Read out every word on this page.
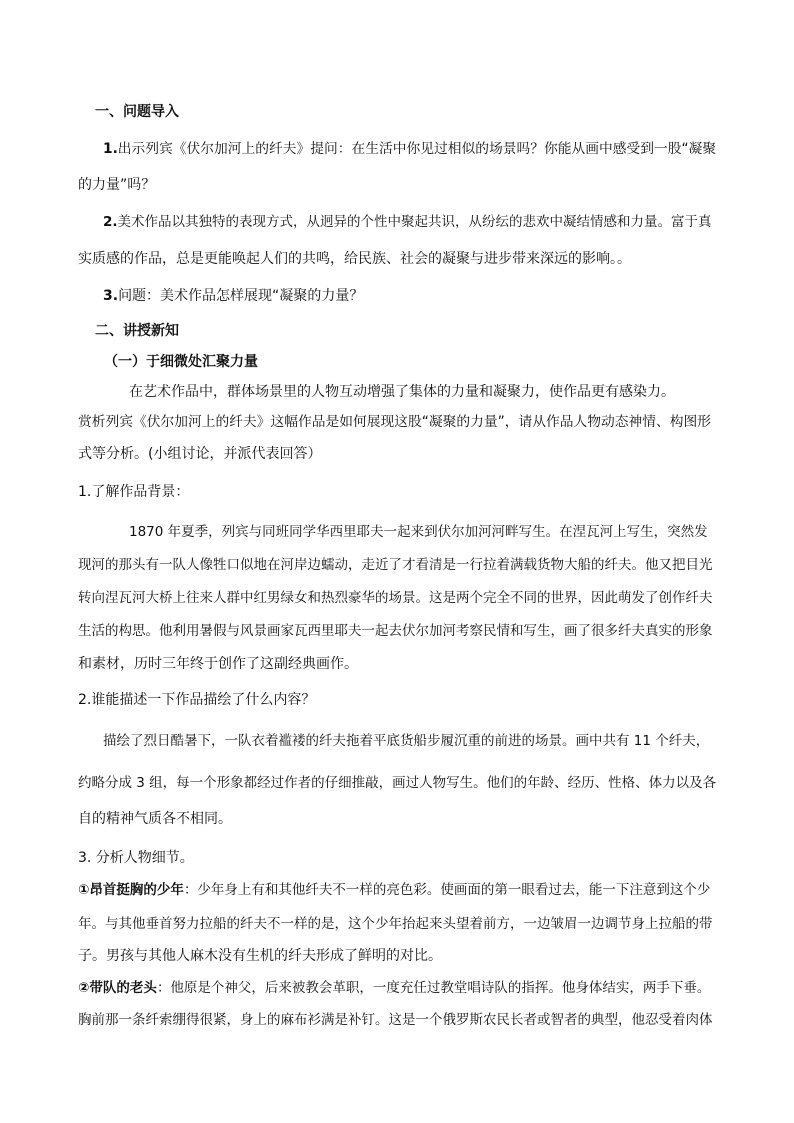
一、问题导入
1.出示列宾《伏尔加河上的纤夫》提问：在生活中你见过相似的场景吗？你能从画中感受到一股“凝聚
的力量”吗？
2.美术作品以其独特的表现方式，从迥异的个性中聚起共识，从纷纭的悲欢中凝结情感和力量。富于真
实质感的作品，总是更能唤起人们的共鸣，给民族、社会的凝聚与进步带来深远的影响。。
3.问题：美术作品怎样展现“凝聚的力量？
二、讲授新知
（一）于细微处汇聚力量
在艺术作品中，群体场景里的人物互动增强了集体的力量和凝聚力，使作品更有感染力。
赏析列宾《伏尔加河上的纤夫》这幅作品是如何展现这股“凝聚的力量”，请从作品人物动态神情、构图形
式等分析。(小组讨论，并派代表回答）
1.了解作品背景：
1870 年夏季，列宾与同班同学华西里耶夫一起来到伏尔加河河畔写生。在涅瓦河上写生，突然发
现河的那头有一队人像牲口似地在河岸边蠕动，走近了才看清是一行拉着满载货物大船的纤夫。他又把目光
转向涅瓦河大桥上往来人群中红男绿女和热烈豪华的场景。这是两个完全不同的世界，因此萌发了创作纤夫
生活的构思。他利用暑假与风景画家瓦西里耶夫一起去伏尔加河考察民情和写生，画了很多纤夫真实的形象
和素材，历时三年终于创作了这副经典画作。
2.谁能描述一下作品描绘了什么内容？
描绘了烈日酷暑下，一队衣着褴褛的纤夫拖着平底货船步履沉重的前进的场景。画中共有 11 个纤夫，
约略分成 3 组，每一个形象都经过作者的仔细推敲，画过人物写生。他们的年龄、经历、性格、体力以及各
自的精神气质各不相同。
3. 分析人物细节。
①昂首挺胸的少年：少年身上有和其他纤夫不一样的亮色彩。使画面的第一眼看过去，能一下注意到这个少
年。与其他垂首努力拉船的纤夫不一样的是，这个少年抬起来头望着前方，一边皱眉一边调节身上拉船的带
子。男孩与其他人麻木没有生机的纤夫形成了鲜明的对比。
②带队的老头：他原是个神父，后来被教会革职，一度充任过教堂唱诗队的指挥。他身体结实，两手下垂。
胸前那一条纤索绷得很紧，身上的麻布衫满是补钉。这是一个俄罗斯农民长者或智者的典型，他忍受着肉体
